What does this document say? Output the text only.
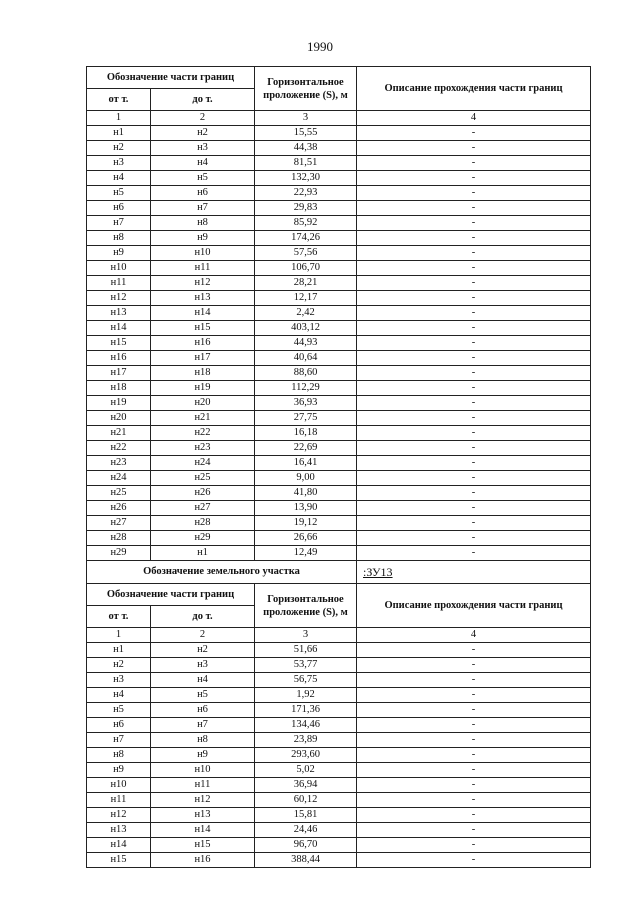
1990
Обозначение части границ		Горизонтальное проложение (S), м	Описание прохождения части границ
от т.	до т.		
1	2	3	4
н1	н2	15,55	-
н2	н3	44,38	-
н3	н4	81,51	-
н4	н5	132,30	-
н5	н6	22,93	-
н6	н7	29,83	-
н7	н8	85,92	-
н8	н9	174,26	-
н9	н10	57,56	-
н10	н11	106,70	-
н11	н12	28,21	-
н12	н13	12,17	-
н13	н14	2,42	-
н14	н15	403,12	-
н15	н16	44,93	-
н16	н17	40,64	-
н17	н18	88,60	-
н18	н19	112,29	-
н19	н20	36,93	-
н20	н21	27,75	-
н21	н22	16,18	-
н22	н23	22,69	-
н23	н24	16,41	-
н24	н25	9,00	-
н25	н26	41,80	-
н26	н27	13,90	-
н27	н28	19,12	-
н28	н29	26,66	-
н29	н1	12,49	-
Обозначение земельного участка			:ЗУ13
Обозначение части границ		Горизонтальное проложение (S), м	Описание прохождения части границ
от т.	до т.		
1	2	3	4
н1	н2	51,66	-
н2	н3	53,77	-
н3	н4	56,75	-
н4	н5	1,92	-
н5	н6	171,36	-
н6	н7	134,46	-
н7	н8	23,89	-
н8	н9	293,60	-
н9	н10	5,02	-
н10	н11	36,94	-
н11	н12	60,12	-
н12	н13	15,81	-
н13	н14	24,46	-
н14	н15	96,70	-
н15	н16	388,44	-
